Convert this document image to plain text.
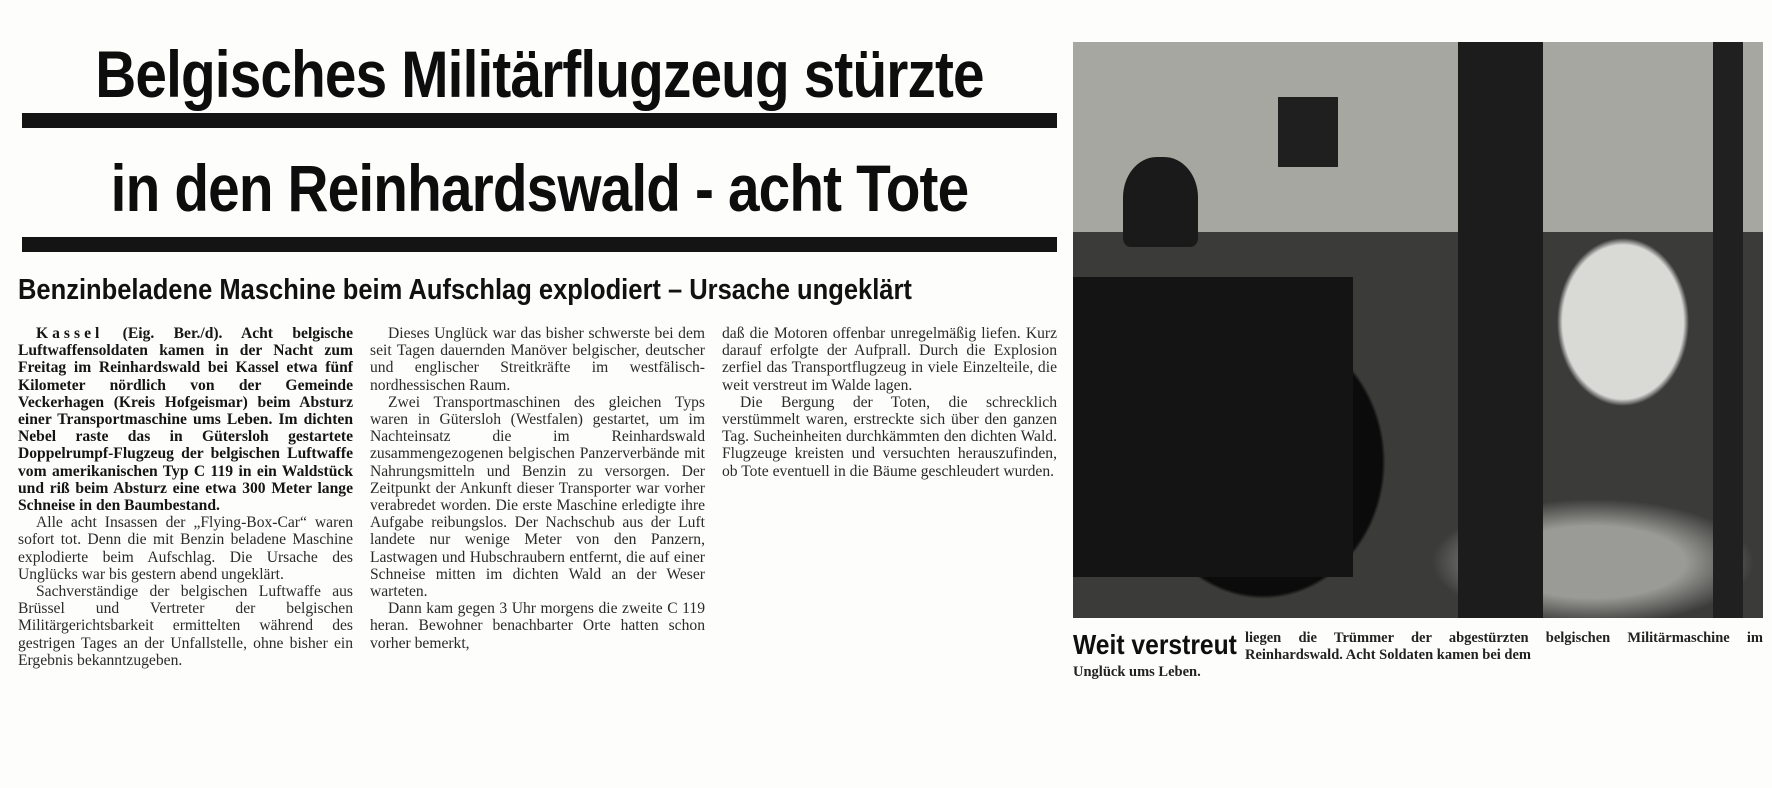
Belgisches Militärflugzeug stürzte
in den Reinhardswald - acht Tote
Benzinbeladene Maschine beim Aufschlag explodiert – Ursache ungeklärt

Kassel (Eig. Ber./d). Acht belgische Luftwaffensoldaten kamen in der Nacht zum Freitag im Reinhardswald bei Kassel etwa fünf Kilometer nördlich von der Gemeinde Veckerhagen (Kreis Hofgeismar) beim Absturz einer Transportmaschine ums Leben. Im dichten Nebel raste das in Gütersloh gestartete Doppelrumpf-Flugzeug der belgischen Luftwaffe vom amerikanischen Typ C 119 in ein Waldstück und riß beim Absturz eine etwa 300 Meter lange Schneise in den Baumbestand.

Alle acht Insassen der „Flying-Box-Car“ waren sofort tot. Denn die mit Benzin beladene Maschine explodierte beim Aufschlag. Die Ursache des Unglücks war bis gestern abend ungeklärt.

Sachverständige der belgischen Luftwaffe aus Brüssel und Vertreter der belgischen Militärgerichtsbarkeit ermittelten während des gestrigen Tages an der Unfallstelle, ohne bisher ein Ergebnis bekanntzugeben.

Dieses Unglück war das bisher schwerste bei dem seit Tagen dauernden Manöver belgischer, deutscher und englischer Streitkräfte im westfälisch-nordhessischen Raum.

Zwei Transportmaschinen des gleichen Typs waren in Gütersloh (Westfalen) gestartet, um im Nachteinsatz die im Reinhardswald zusammengezogenen belgischen Panzerverbände mit Nahrungsmitteln und Benzin zu versorgen. Der Zeitpunkt der Ankunft dieser Transporter war vorher verabredet worden. Die erste Maschine erledigte ihre Aufgabe reibungslos. Der Nachschub aus der Luft landete nur wenige Meter von den Panzern, Lastwagen und Hubschraubern entfernt, die auf einer Schneise mitten im dichten Wald an der Weser warteten.

Dann kam gegen 3 Uhr morgens die zweite C 119 heran. Bewohner benachbarter Orte hatten schon vorher bemerkt,

daß die Motoren offenbar unregelmäßig liefen. Kurz darauf erfolgte der Aufprall. Durch die Explosion zerfiel das Transportflugzeug in viele Einzelteile, die weit verstreut im Walde lagen.

Die Bergung der Toten, die schrecklich verstümmelt waren, erstreckte sich über den ganzen Tag. Sucheinheiten durchkämmten den dichten Wald. Flugzeuge kreisten und versuchten herauszufinden, ob Tote eventuell in die Bäume geschleudert wurden.

Weit verstreut liegen die Trümmer der abgestürzten belgischen Militärmaschine im Reinhardswald. Acht Soldaten kamen bei dem
Unglück ums Leben.
